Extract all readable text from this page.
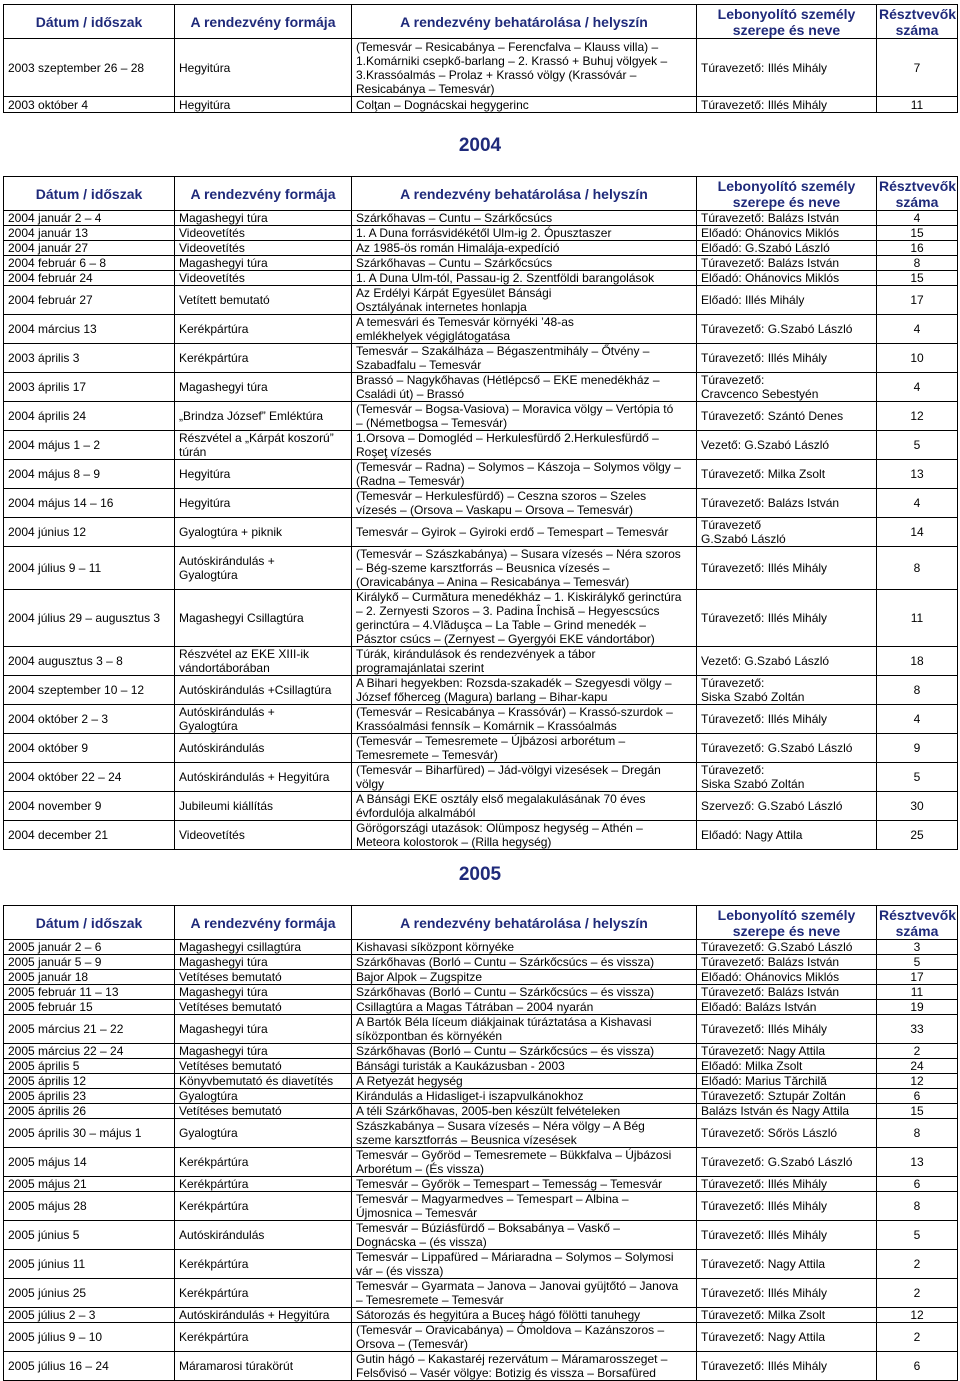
Dátum / időszak	A rendezvény formája	A rendezvény behatárolása / helyszín	Lebonyolító személy
szerepe és neve	Résztvevők
száma
2003 szeptember 26 – 28	Hegyitúra	(Temesvár – Resicabánya – Ferencfalva – Klauss villa) –
1.Komárniki csepkő-barlang – 2. Krassó + Buhuj völgyek –
3.Krassóalmás – Prolaz + Krassó völgy (Krassóvár –
Resicabánya – Temesvár)	Túravezető: Illés Mihály	7
2003 október 4	Hegyitúra	Colţan – Dognácskai hegygerinc	Túravezető: Illés Mihály	11
2004
Dátum / időszak	A rendezvény formája	A rendezvény behatárolása / helyszín	Lebonyolító személy
szerepe és neve	Résztvevők
száma
2004 január 2 – 4	Magashegyi túra	Szárkőhavas – Cuntu – Szárkőcsúcs	Túravezető: Balázs István	4
2004 január 13	Videovetítés	1. A Duna forrásvidékétől Ulm-ig 2. Ópusztaszer	Előadó: Ohánovics Miklós	15
2004 január 27	Videovetítés	Az 1985-ös román Himalája-expedíció	Előadó: G.Szabó László	16
2004 február 6 – 8	Magashegyi túra	Szárkőhavas – Cuntu – Szárkőcsúcs	Túravezető: Balázs István	8
2004 február 24	Videovetítés	1. A Duna Ulm-tól, Passau-ig 2. Szentföldi barangolások	Előadó: Ohánovics Miklós	15
2004 február 27	Vetített bemutató	Az Erdélyi Kárpát Egyesület Bánsági
Osztályának internetes honlapja	Előadó: Illés Mihály	17
2004 március 13	Kerékpártúra	A temesvári és Temesvár környéki ’48-as
emlékhelyek végiglátogatása	Túravezető: G.Szabó László	4
2003 április 3	Kerékpártúra	Temesvár – Szakálháza – Bégaszentmihály – Őtvény –
Szabadfalu – Temesvár	Túravezető: Illés Mihály	10
2003 április 17	Magashegyi túra	Brassó – Nagykőhavas (Hétlépcső – EKE menedékház –
Családi út) – Brassó	Túravezető:
Cravcenco Sebestyén	4
2004 április 24	„Brindza József” Emléktúra	(Temesvár – Bogsa-Vasiova) – Moravica völgy – Vertópia tó
– (Németbogsa – Temesvár)	Túravezető: Szántó Denes	12
2004 május 1 – 2	Részvétel a „Kárpát koszorú”
túrán	1.Orsova – Domogléd – Herkulesfürdő 2.Herkulesfürdő –
Roşeţ vízesés	Vezető: G.Szabó László	5
2004 május 8 – 9	Hegyitúra	(Temesvár – Radna) – Solymos – Kászoja – Solymos völgy –
(Radna – Temesvár)	Túravezető: Milka Zsolt	13
2004 május 14 – 16	Hegyitúra	(Temesvár – Herkulesfürdő) – Ceszna szoros – Szeles
vízesés – (Orsova – Vaskapu – Orsova – Temesvár)	Túravezető: Balázs István	4
2004 június 12	Gyalogtúra + piknik	Temesvár – Gyirok – Gyiroki erdő – Temespart – Temesvár	Túravezető
G.Szabó László	14
2004 július 9 – 11	Autóskirándulás +
Gyalogtúra	(Temesvár – Szászkabánya) – Susara vízesés – Néra szoros
– Bég-szeme karsztforrás – Beusnica vízesés –
(Oravicabánya – Anina – Resicabánya – Temesvár)	Túravezető: Illés Mihály	8
2004 július 29 – augusztus 3	Magashegyi Csillagtúra	Királykő – Curmătura menedékház – 1. Kiskirálykő gerinctúra
– 2. Zernyesti Szoros – 3. Padina Închisă – Hegyescsúcs
gerinctúra – 4.Vlăduşca – La Table – Grind menedék –
Pásztor csúcs – (Zernyest – Gyergyói EKE vándortábor)	Túravezető: Illés Mihály	11
2004 augusztus 3 – 8	Részvétel az EKE XIII-ik
vándortáborában	Túrák, kirándulások és rendezvények a tábor
programajánlatai szerint	Vezető: G.Szabó László	18
2004 szeptember 10 – 12	Autóskirándulás +Csillagtúra	A Bihari hegyekben: Rozsda-szakadék – Szegyesdi völgy –
József főherceg (Magura) barlang – Bihar-kapu	Túravezető:
Siska Szabó Zoltán	8
2004 október 2 – 3	Autóskirándulás +
Gyalogtúra	(Temesvár – Resicabánya – Krassóvár) – Krassó-szurdok –
Krassóalmási fennsík – Komárnik – Krassóalmás	Túravezető: Illés Mihály	4
2004 október 9	Autóskirándulás	(Temesvár – Temesremete – Újbázosi arborétum –
Temesremete – Temesvár)	Túravezető: G.Szabó László	9
2004 október 22 – 24	Autóskirándulás + Hegyitúra	(Temesvár – Biharfüred) – Jád-völgyi vizesések – Dregán
völgy	Túravezető:
Siska Szabó Zoltán	5
2004 november 9	Jubileumi kiállítás	A Bánsági EKE osztály első megalakulásának 70 éves
évfordulója alkalmából	Szervező: G.Szabó László	30
2004 december 21	Videovetítés	Görögországi utazások: Olümposz hegység – Athén –
Meteora kolostorok – (Rilla hegység)	Előadó: Nagy Attila	25
2005
Dátum / időszak	A rendezvény formája	A rendezvény behatárolása / helyszín	Lebonyolító személy
szerepe és neve	Résztvevők
száma
2005 január 2 – 6	Magashegyi csillagtúra	Kishavasi síközpont környéke	Túravezető: G.Szabó László	3
2005 január 5 – 9	Magashegyi túra	Szárkőhavas (Borló – Cuntu – Szárkőcsúcs – és vissza)	Túravezető: Balázs István	5
2005 január 18	Vetítéses bemutató	Bajor Alpok – Zugspitze	Előadó: Ohánovics Miklós	17
2005 február 11 – 13	Magashegyi túra	Szárkőhavas (Borló – Cuntu – Szárkőcsúcs – és vissza)	Túravezető: Balázs István	11
2005 február 15	Vetítéses bemutató	Csillagtúra a Magas Tátrában – 2004 nyarán	Előadó: Balázs István	19
2005 március 21 – 22	Magashegyi túra	A Bartók Béla líceum diákjainak túráztatása a Kishavasi
síközpontban és környékén	Túravezető: Illés Mihály	33
2005 március 22 – 24	Magashegyi túra	Szárkőhavas (Borló – Cuntu – Szárkőcsúcs – és vissza)	Túravezető: Nagy Attila	2
2005 április 5	Vetítéses bemutató	Bánsági turisták a Kaukázusban - 2003	Előadó: Milka Zsolt	24
2005 április 12	Könyvbemutató és diavetítés	A Retyezát hegység	Előadó: Marius Tărchilă	12
2005 április 23	Gyalogtúra	Kirándulás a Hidasliget-i iszapvulkánokhoz	Túravezető: Sztupár Zoltán	6
2005 április 26	Vetítéses bemutató	A téli Szárkőhavas, 2005-ben készült felvételeken	Balázs István és Nagy Attila	15
2005 április 30 – május 1	Gyalogtúra	Szászkabánya – Susara vízesés – Néra völgy – A Bég
szeme karsztforrás – Beusnica vízesések	Túravezető: Sőrös László	8
2005 május 14	Kerékpártúra	Temesvár – Győröd – Temesremete – Bükkfalva – Újbázosi
Arborétum – (És vissza)	Túravezető: G.Szabó László	13
2005 május 21	Kerékpártúra	Temesvár – Győrök – Temespart – Temesság – Temesvár	Túravezető: Illés Mihály	6
2005 május 28	Kerékpártúra	Temesvár – Magyarmedves – Temespart – Albina –
Újmosnica – Temesvár	Túravezető: Illés Mihály	8
2005 június 5	Autóskirándulás	Temesvár – Búziásfürdő – Boksabánya – Vaskő –
Dognácska – (és vissza)	Túravezető: Illés Mihály	5
2005 június 11	Kerékpártúra	Temesvár – Lippafüred – Máriaradna – Solymos – Solymosi
vár – (és vissza)	Túravezető: Nagy Attila	2
2005 június 25	Kerékpártúra	Temesvár – Gyarmata – Janova – Janovai gyüjtőtó – Janova
– Temesremete – Temesvár	Túravezető: Illés Mihály	2
2005 július 2 – 3	Autóskirándulás + Hegyitúra	Sátorozás és hegyitúra a Buceş hágó fölötti tanuhegy	Túravezető: Milka Zsolt	12
2005 július 9 – 10	Kerékpártúra	(Temesvár – Oravicabánya) – Ómoldova – Kazánszoros –
Orsova – (Temesvár)	Túravezető: Nagy Attila	2
2005 július 16 – 24	Máramarosi túrakörút	Gutin hágó – Kakastaréj rezervátum – Máramarosszeget –
Felsővisó – Vasér völgye: Botizig és vissza – Borsafüred	Túravezető: Illés Mihály	6
